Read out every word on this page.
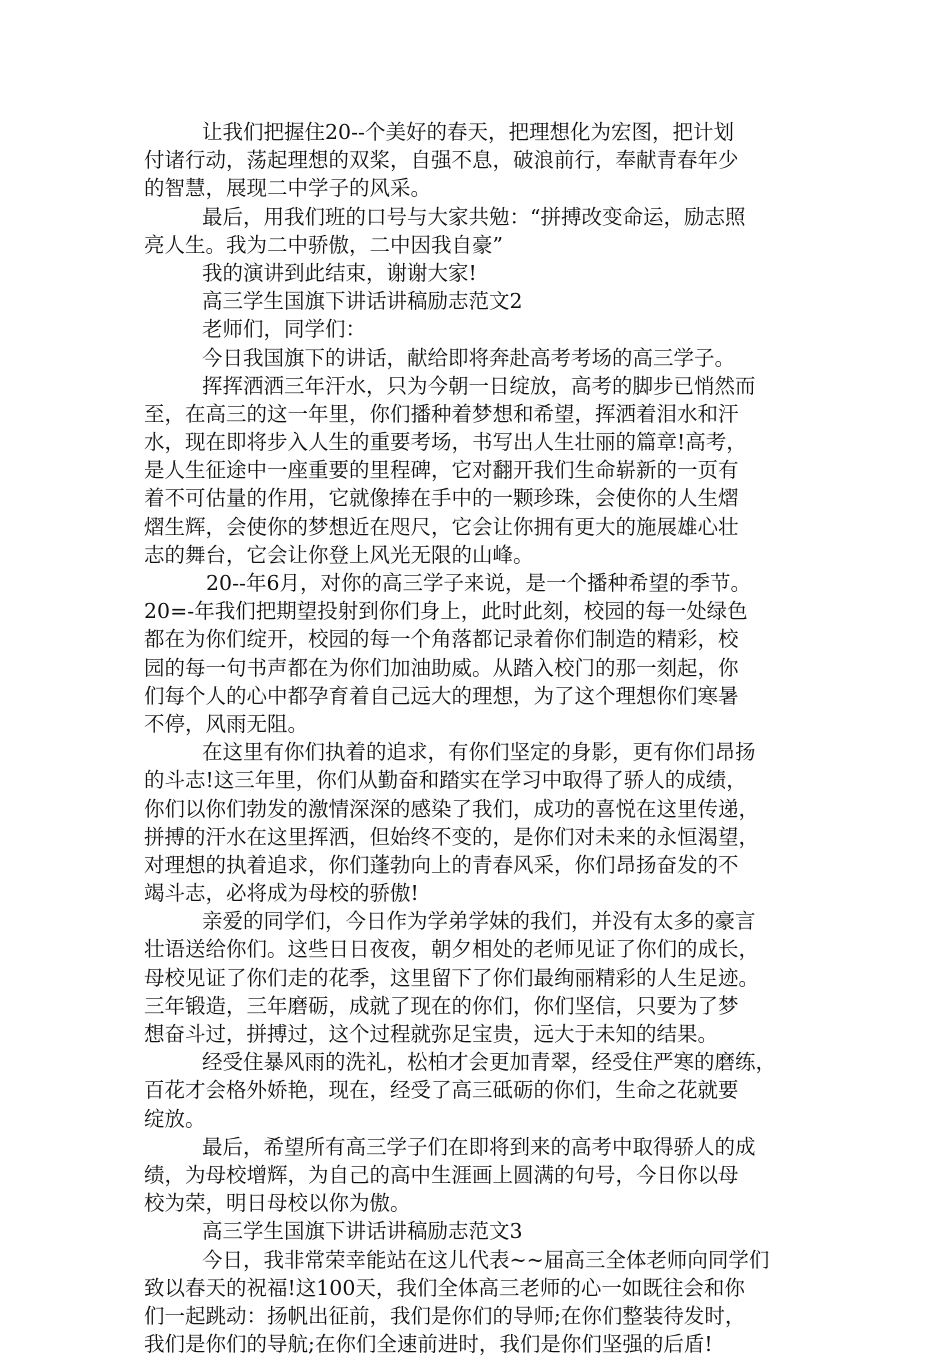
让我们把握住20--个美好的春天，把理想化为宏图，把计划
付诸行动，荡起理想的双桨，自强不息，破浪前行，奉献青春年少
的智慧，展现二中学子的风采。
最后，用我们班的口号与大家共勉：“拼搏改变命运，励志照
亮人生。我为二中骄傲，二中因我自豪”
我的演讲到此结束，谢谢大家!
高三学生国旗下讲话讲稿励志范文2
老师们，同学们：
今日我国旗下的讲话，献给即将奔赴高考考场的高三学子。
挥挥洒洒三年汗水，只为今朝一日绽放，高考的脚步已悄然而
至，在高三的这一年里，你们播种着梦想和希望，挥洒着泪水和汗
水，现在即将步入人生的重要考场，书写出人生壮丽的篇章!高考，
是人生征途中一座重要的里程碑，它对翻开我们生命崭新的一页有
着不可估量的作用，它就像捧在手中的一颗珍珠，会使你的人生熠
熠生辉，会使你的梦想近在咫尺，它会让你拥有更大的施展雄心壮
志的舞台，它会让你登上风光无限的山峰。
20--年6月，对你的高三学子来说，是一个播种希望的季节。
20=-年我们把期望投射到你们身上，此时此刻，校园的每一处绿色
都在为你们绽开，校园的每一个角落都记录着你们制造的精彩，校
园的每一句书声都在为你们加油助威。从踏入校门的那一刻起，你
们每个人的心中都孕育着自己远大的理想，为了这个理想你们寒暑
不停，风雨无阻。
在这里有你们执着的追求，有你们坚定的身影，更有你们昂扬
的斗志!这三年里，你们从勤奋和踏实在学习中取得了骄人的成绩，
你们以你们勃发的激情深深的感染了我们，成功的喜悦在这里传递，
拼搏的汗水在这里挥洒，但始终不变的，是你们对未来的永恒渴望，
对理想的执着追求，你们蓬勃向上的青春风采，你们昂扬奋发的不
竭斗志，必将成为母校的骄傲!
亲爱的同学们，今日作为学弟学妹的我们，并没有太多的豪言
壮语送给你们。这些日日夜夜，朝夕相处的老师见证了你们的成长，
母校见证了你们走的花季，这里留下了你们最绚丽精彩的人生足迹。
三年锻造，三年磨砺，成就了现在的你们，你们坚信，只要为了梦
想奋斗过，拼搏过，这个过程就弥足宝贵，远大于未知的结果。
经受住暴风雨的洗礼，松柏才会更加青翠，经受住严寒的磨练，
百花才会格外娇艳，现在，经受了高三砥砺的你们，生命之花就要
绽放。
最后，希望所有高三学子们在即将到来的高考中取得骄人的成
绩，为母校增辉，为自己的高中生涯画上圆满的句号，今日你以母
校为荣，明日母校以你为傲。
高三学生国旗下讲话讲稿励志范文3
今日，我非常荣幸能站在这儿代表~~届高三全体老师向同学们
致以春天的祝福!这100天，我们全体高三老师的心一如既往会和你
们一起跳动：扬帆出征前，我们是你们的导师;在你们整装待发时，
我们是你们的导航;在你们全速前进时，我们是你们坚强的后盾!
